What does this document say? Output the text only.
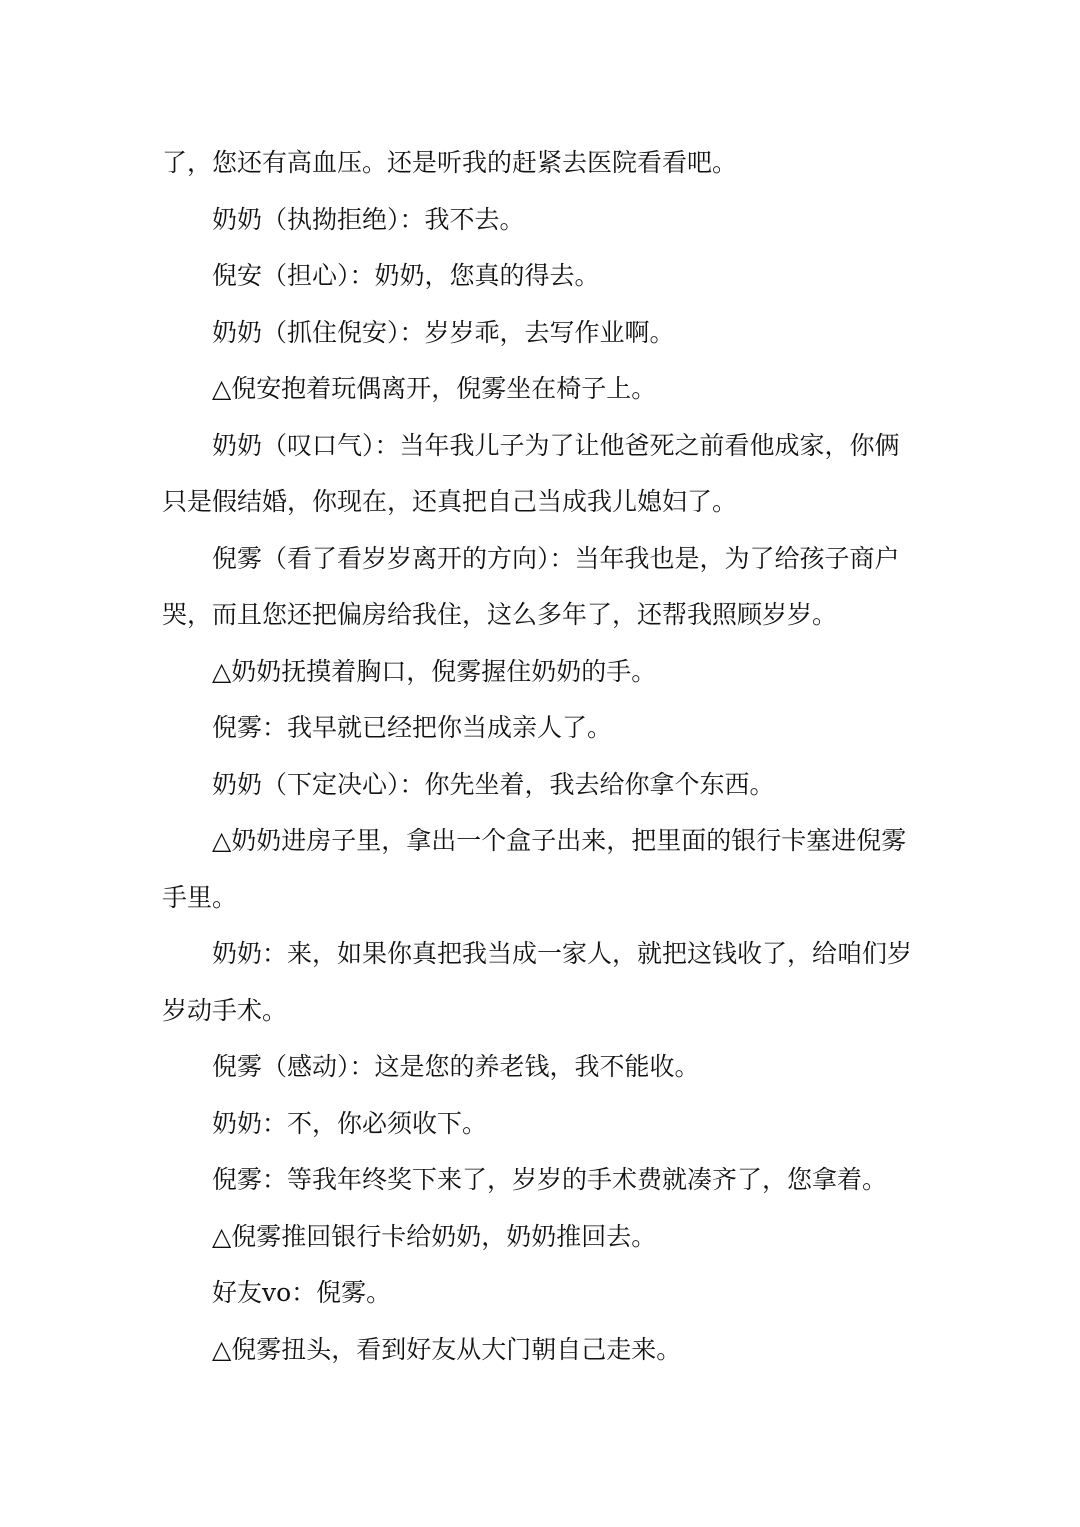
了，您还有高血压。还是听我的赶紧去医院看看吧。

奶奶（执拗拒绝）：我不去。

倪安（担心）：奶奶，您真的得去。

奶奶（抓住倪安）：岁岁乖，去写作业啊。

△倪安抱着玩偶离开，倪雾坐在椅子上。

奶奶（叹口气）：当年我儿子为了让他爸死之前看他成家，你俩只是假结婚，你现在，还真把自己当成我儿媳妇了。

倪雾（看了看岁岁离开的方向）：当年我也是，为了给孩子商户哭，而且您还把偏房给我住，这么多年了，还帮我照顾岁岁。

△奶奶抚摸着胸口，倪雾握住奶奶的手。

倪雾：我早就已经把你当成亲人了。

奶奶（下定决心）：你先坐着，我去给你拿个东西。

△奶奶进房子里，拿出一个盒子出来，把里面的银行卡塞进倪雾手里。

奶奶：来，如果你真把我当成一家人，就把这钱收了，给咱们岁岁动手术。

倪雾（感动）：这是您的养老钱，我不能收。

奶奶：不，你必须收下。

倪雾：等我年终奖下来了，岁岁的手术费就凑齐了，您拿着。

△倪雾推回银行卡给奶奶，奶奶推回去。

好友vo：倪雾。

△倪雾扭头，看到好友从大门朝自己走来。
